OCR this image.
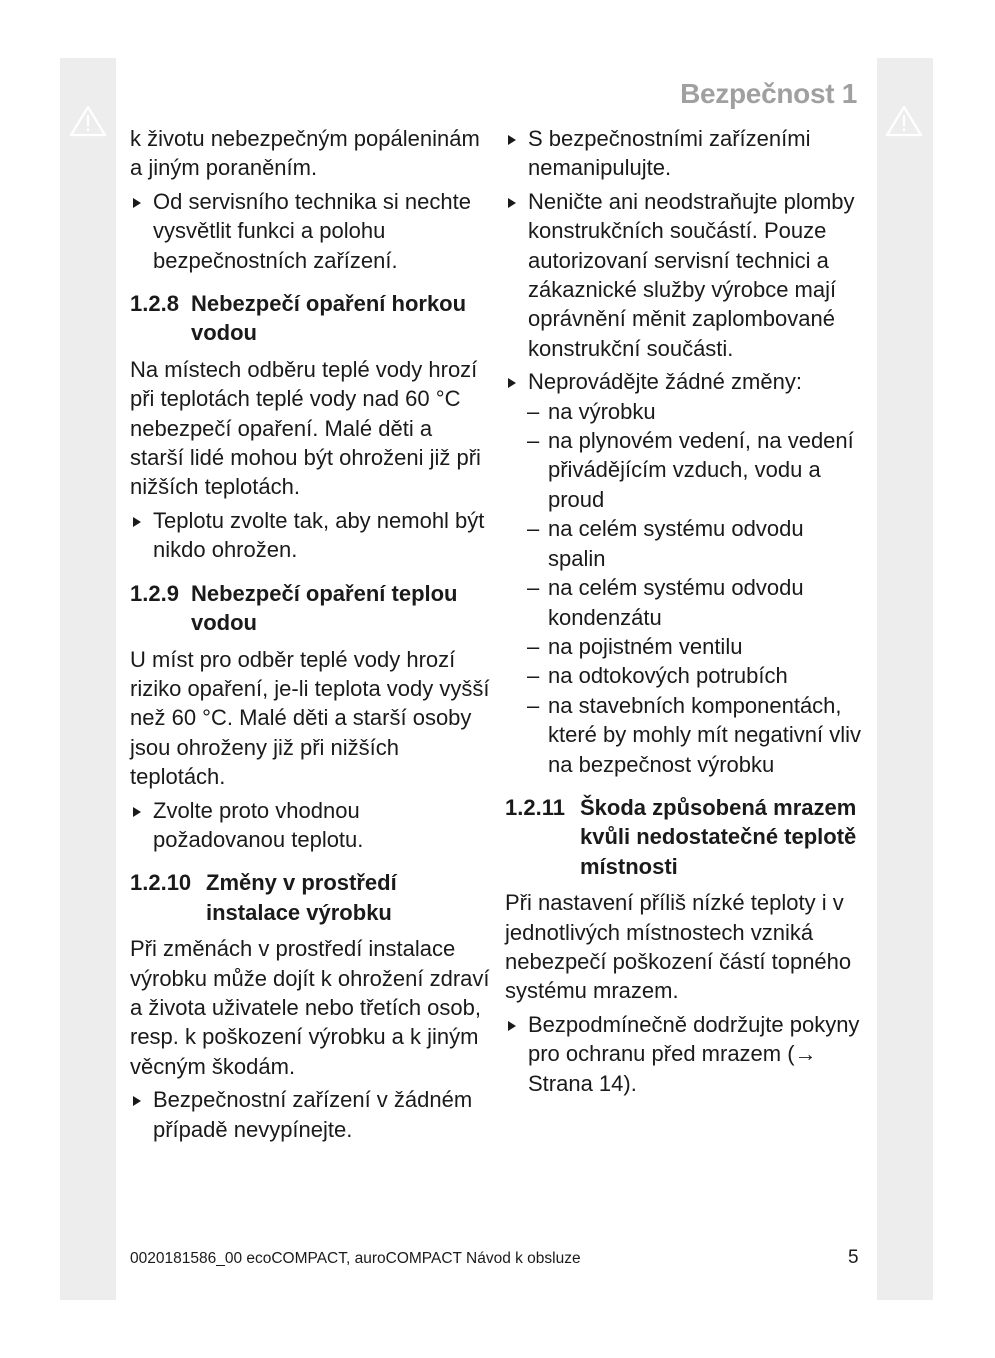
Bezpečnost 1
k životu nebezpečným popáleninám a jiným poraněním.
Od servisního technika si nechte vysvětlit funkci a polohu bezpečnostních zařízení.
1.2.8 Nebezpečí opaření horkou vodou
Na místech odběru teplé vody hrozí při teplotách teplé vody nad 60 °C nebezpečí opaření. Malé děti a starší lidé mohou být ohroženi již při nižších teplotách.
Teplotu zvolte tak, aby nemohl být nikdo ohrožen.
1.2.9 Nebezpečí opaření teplou vodou
U míst pro odběr teplé vody hrozí riziko opaření, je-li teplota vody vyšší než 60 °C. Malé děti a starší osoby jsou ohroženy již při nižších teplotách.
Zvolte proto vhodnou požadovanou teplotu.
1.2.10 Změny v prostředí instalace výrobku
Při změnách v prostředí instalace výrobku může dojít k ohrožení zdraví a života uživatele nebo třetích osob, resp. k poškození výrobku a k jiným věcným škodám.
Bezpečnostní zařízení v žádném případě nevypínejte.
S bezpečnostními zařízeními nemanipulujte.
Neničte ani neodstraňujte plomby konstrukčních součástí. Pouze autorizovaní servisní technici a zákaznické služby výrobce mají oprávnění měnit zaplombované konstrukční součásti.
Neprovádějte žádné změny:
– na výrobku
– na plynovém vedení, na vedení přivádějícím vzduch, vodu a proud
– na celém systému odvodu spalin
– na celém systému odvodu kondenzátu
– na pojistném ventilu
– na odtokových potrubích
– na stavebních komponentách, které by mohly mít negativní vliv na bezpečnost výrobku
1.2.11 Škoda způsobená mrazem kvůli nedostatečné teplotě místnosti
Při nastavení příliš nízké teploty i v jednotlivých místnostech vzniká nebezpečí poškození částí topného systému mrazem.
Bezpodmínečně dodržujte pokyny pro ochranu před mrazem (→ Strana 14).
0020181586_00 ecoCOMPACT, auroCOMPACT Návod k obsluze	5
